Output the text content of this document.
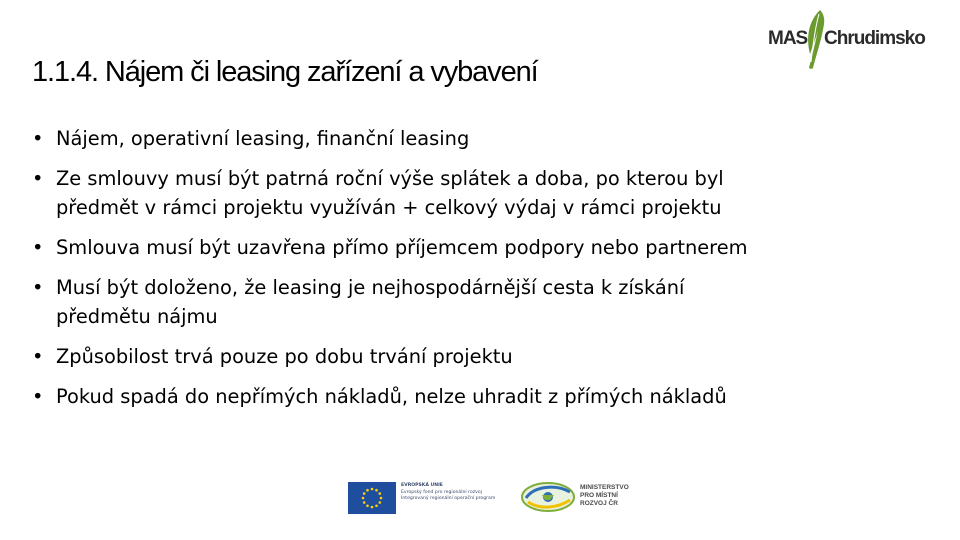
1.1.4. Nájem či leasing zařízení a vybavení
MAS Chrudimsko
• Nájem, operativní leasing, finanční leasing
• Ze smlouvy musí být patrná roční výše splátek a doba, po kterou byl
předmět v rámci projektu využíván + celkový výdaj v rámci projektu
• Smlouva musí být uzavřena přímo příjemcem podpory nebo partnerem
• Musí být doloženo, že leasing je nejhospodárnější cesta k získání
předmětu nájmu
• Způsobilost trvá pouze po dobu trvání projektu
• Pokud spadá do nepřímých nákladů, nelze uhradit z přímých nákladů
EVROPSKÁ UNIE
Evropský fond pro regionální rozvoj
Integrovaný regionální operační program
MINISTERSTVO
PRO MÍSTNÍ
ROZVOJ ČR
